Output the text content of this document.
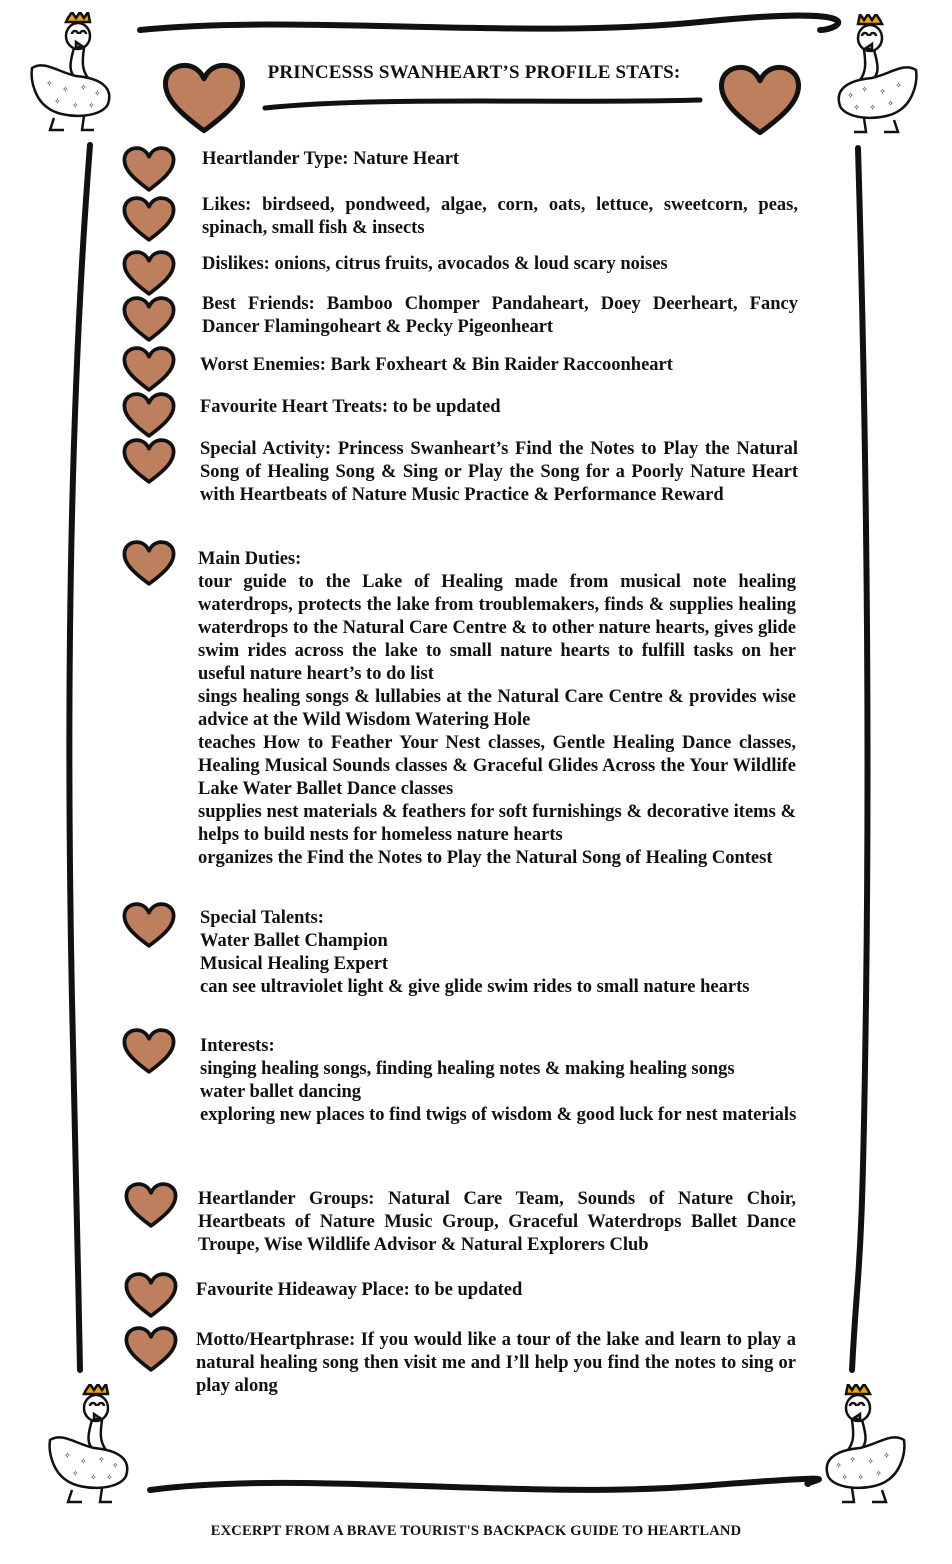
PRINCESSS SWANHEART’S PROFILE STATS:
✧
✧ ✧
✧
✧ ✧ ✧
✧
✧
✧
✧
✧
✧
✧
✧
✧ ✧
✧
✧ ✧ ✧
✧
✧
✧
✧
✧
✧
✧

Heartlander Type: Nature Heart

Likes: birdseed, pondweed, algae, corn, oats, lettuce, sweetcorn, peas, spinach, small fish & insects

Dislikes: onions, citrus fruits, avocados & loud scary noises

Best Friends: Bamboo Chomper Pandaheart, Doey Deerheart, Fancy Dancer Flamingoheart & Pecky Pigeonheart

Worst Enemies: Bark Foxheart & Bin Raider Raccoonheart

Favourite Heart Treats: to be updated

Special Activity: Princess Swanheart’s Find the Notes to Play the Natural Song of Healing Song & Sing or Play the Song for a Poorly Nature Heart with Heartbeats of Nature Music Practice & Performance Reward

Main Duties:

tour guide to the Lake of Healing made from musical note healing waterdrops, protects the lake from troublemakers, finds & supplies healing waterdrops to the Natural Care Centre & to other nature hearts, gives glide swim rides across the lake to small nature hearts to fulfill tasks on her useful nature heart’s to do list

sings healing songs & lullabies at the Natural Care Centre & provides wise advice at the Wild Wisdom Watering Hole

teaches How to Feather Your Nest classes, Gentle Healing Dance classes, Healing Musical Sounds classes & Graceful Glides Across the Your Wildlife Lake Water Ballet Dance classes

supplies nest materials & feathers for soft furnishings & decorative items & helps to build nests for homeless nature hearts

organizes the Find the Notes to Play the Natural Song of Healing Contest

Special Talents:

Water Ballet Champion

Musical Healing Expert

can see ultraviolet light & give glide swim rides to small nature hearts

Interests:

singing healing songs, finding healing notes & making healing songs

water ballet dancing

exploring new places to find twigs of wisdom & good luck for nest materials

Heartlander Groups: Natural Care Team, Sounds of Nature Choir, Heartbeats of Nature Music Group, Graceful Waterdrops Ballet Dance Troupe, Wise Wildlife Advisor & Natural Explorers Club

Favourite Hideaway Place: to be updated

Motto/Heartphrase: If you would like a tour of the lake and learn to play a natural healing song then visit me and I’ll help you find the notes to sing or play along

EXCERPT FROM A BRAVE TOURIST'S BACKPACK GUIDE TO HEARTLAND
